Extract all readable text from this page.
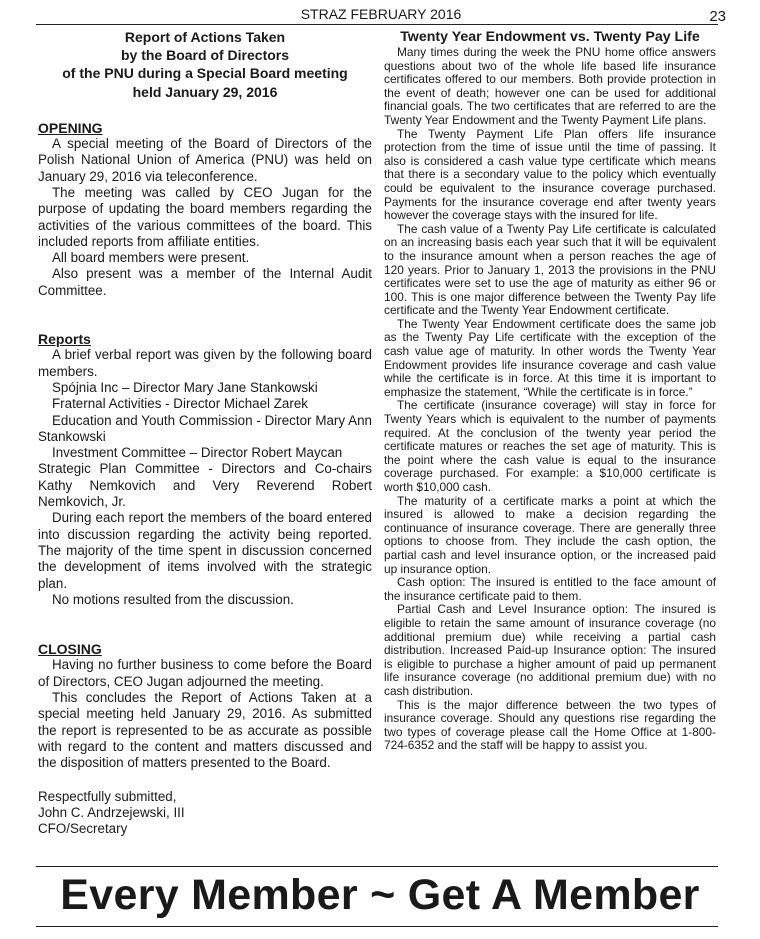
STRAZ FEBRUARY 2016	23
Report of Actions Taken
by the Board of Directors
of the PNU during a Special Board meeting
held January 29, 2016
OPENING

A special meeting of the Board of Directors of the Polish National Union of America (PNU) was held on January 29, 2016 via teleconference.

The meeting was called by CEO Jugan for the purpose of updating the board members regarding the activities of the various committees of the board. This included reports from affiliate entities.

All board members were present.

Also present was a member of the Internal Audit Committee.

Reports

A brief verbal report was given by the following board members.

Spójnia Inc – Director Mary Jane Stankowski

Fraternal Activities - Director Michael Zarek

Education and Youth Commission - Director Mary Ann Stankowski

Investment Committee – Director Robert Maycan

Strategic Plan Committee - Directors and Co-chairs Kathy Nemkovich and Very Reverend Robert Nemkovich, Jr.

During each report the members of the board entered into discussion regarding the activity being reported. The majority of the time spent in discussion concerned the development of items involved with the strategic plan.

No motions resulted from the discussion.

CLOSING

Having no further business to come before the Board of Directors, CEO Jugan adjourned the meeting.

This concludes the Report of Actions Taken at a special meeting held January 29, 2016. As submitted the report is represented to be as accurate as possible with regard to the content and matters discussed and the disposition of matters presented to the Board.

Respectfully submitted,

John C. Andrzejewski, III

CFO/Secretary

Twenty Year Endowment vs. Twenty Pay Life

Many times during the week the PNU home office answers questions about two of the whole life based life insurance certificates offered to our members. Both provide protection in the event of death; however one can be used for additional financial goals. The two certificates that are referred to are the Twenty Year Endowment and the Twenty Payment Life plans.

The Twenty Payment Life Plan offers life insurance protection from the time of issue until the time of passing. It also is considered a cash value type certificate which means that there is a secondary value to the policy which eventually could be equivalent to the insurance coverage purchased. Payments for the insurance coverage end after twenty years however the coverage stays with the insured for life.

The cash value of a Twenty Pay Life certificate is calculated on an increasing basis each year such that it will be equivalent to the insurance amount when a person reaches the age of 120 years. Prior to January 1, 2013 the provisions in the PNU certificates were set to use the age of maturity as either 96 or 100. This is one major difference between the Twenty Pay life certificate and the Twenty Year Endowment certificate.

The Twenty Year Endowment certificate does the same job as the Twenty Pay Life certificate with the exception of the cash value age of maturity. In other words the Twenty Year Endowment provides life insurance coverage and cash value while the certificate is in force. At this time it is important to emphasize the statement, “While the certificate is in force.”

The certificate (insurance coverage) will stay in force for Twenty Years which is equivalent to the number of payments required. At the conclusion of the twenty year period the certificate matures or reaches the set age of maturity. This is the point where the cash value is equal to the insurance coverage purchased. For example: a $10,000 certificate is worth $10,000 cash.

The maturity of a certificate marks a point at which the insured is allowed to make a decision regarding the continuance of insurance coverage. There are generally three options to choose from. They include the cash option, the partial cash and level insurance option, or the increased paid up insurance option.

Cash option: The insured is entitled to the face amount of the insurance certificate paid to them.

Partial Cash and Level Insurance option: The insured is eligible to retain the same amount of insurance coverage (no additional premium due) while receiving a partial cash distribution. Increased Paid-up Insurance option: The insured is eligible to purchase a higher amount of paid up permanent life insurance coverage (no additional premium due) with no cash distribution.

This is the major difference between the two types of insurance coverage. Should any questions rise regarding the two types of coverage please call the Home Office at 1-800-724-6352 and the staff will be happy to assist you.

Every Member ~ Get A Member
